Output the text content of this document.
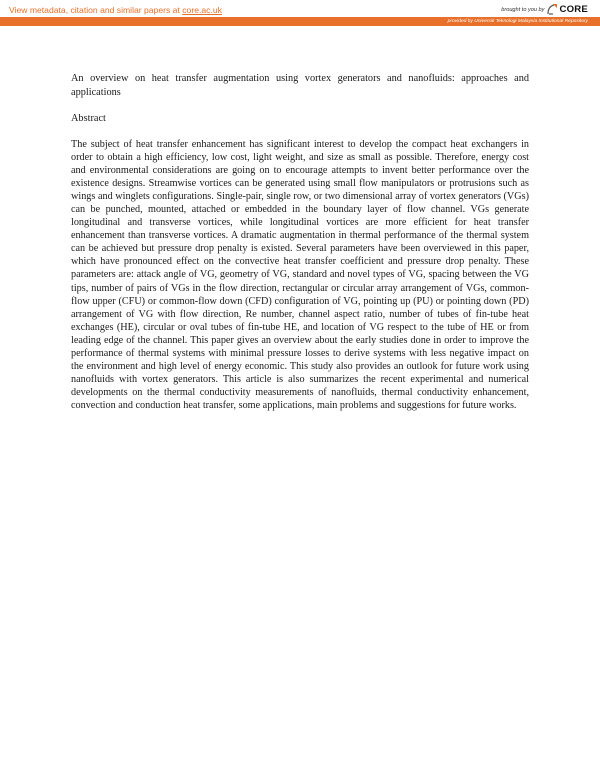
View metadata, citation and similar papers at core.ac.uk	brought to you by CORE
provided by Universiti Teknologi Malaysia Institutional Repository

An overview on heat transfer augmentation using vortex generators and nanofluids: approaches and applications

Abstract

The subject of heat transfer enhancement has significant interest to develop the compact heat exchangers in order to obtain a high efficiency, low cost, light weight, and size as small as possible. Therefore, energy cost and environmental considerations are going on to encourage attempts to invent better performance over the existence designs. Streamwise vortices can be generated using small flow manipulators or protrusions such as wings and winglets configurations. Single-pair, single row, or two dimensional array of vortex generators (VGs) can be punched, mounted, attached or embedded in the boundary layer of flow channel. VGs generate longitudinal and transverse vortices, while longitudinal vortices are more efficient for heat transfer enhancement than transverse vortices. A dramatic augmentation in thermal performance of the thermal system can be achieved but pressure drop penalty is existed. Several parameters have been overviewed in this paper, which have pronounced effect on the convective heat transfer coefficient and pressure drop penalty. These parameters are: attack angle of VG, geometry of VG, standard and novel types of VG, spacing between the VG tips, number of pairs of VGs in the flow direction, rectangular or circular array arrangement of VGs, common-flow upper (CFU) or common-flow down (CFD) configuration of VG, pointing up (PU) or pointing down (PD) arrangement of VG with flow direction, Re number, channel aspect ratio, number of tubes of fin-tube heat exchanges (HE), circular or oval tubes of fin-tube HE, and location of VG respect to the tube of HE or from leading edge of the channel. This paper gives an overview about the early studies done in order to improve the performance of thermal systems with minimal pressure losses to derive systems with less negative impact on the environment and high level of energy economic. This study also provides an outlook for future work using nanofluids with vortex generators. This article is also summarizes the recent experimental and numerical developments on the thermal conductivity measurements of nanofluids, thermal conductivity enhancement, convection and conduction heat transfer, some applications, main problems and suggestions for future works.
